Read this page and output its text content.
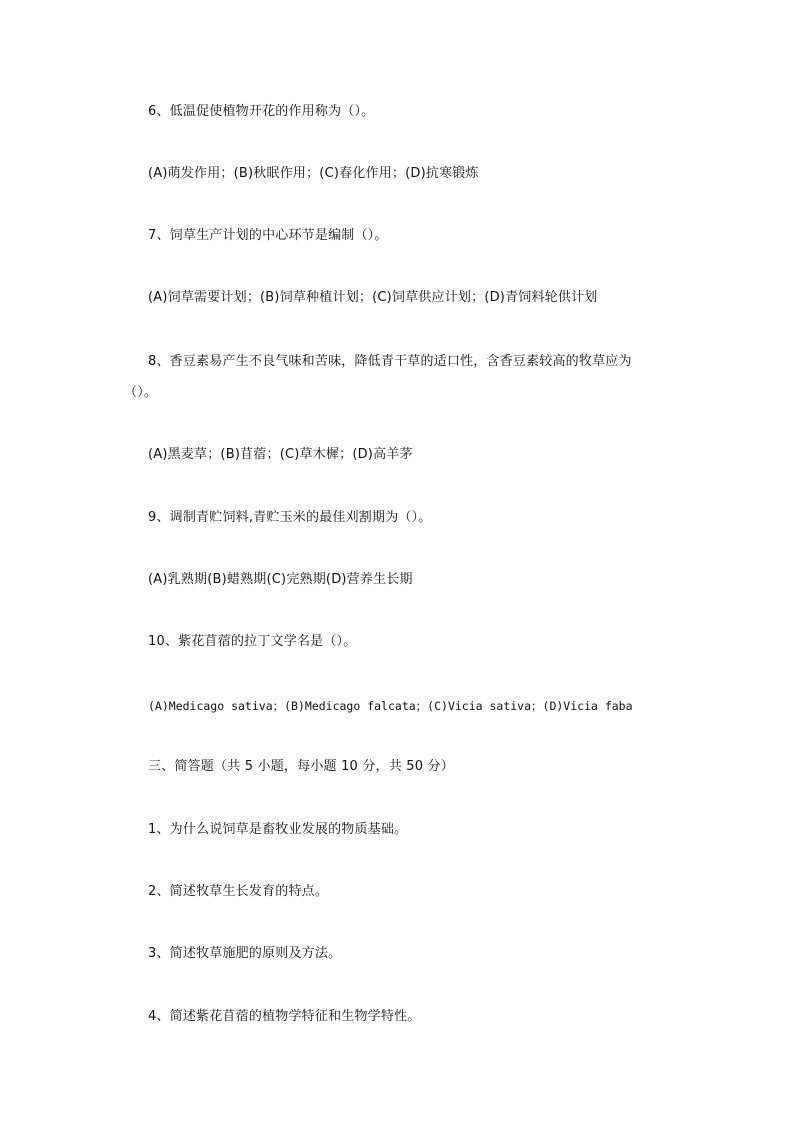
6、低温促使植物开花的作用称为（）。
(A)萌发作用；(B)秋眠作用；(C)春化作用；(D)抗寒锻炼
7、饲草生产计划的中心环节是编制（）。
(A)饲草需要计划；(B)饲草种植计划；(C)饲草供应计划；(D)青饲料轮供计划
8、香豆素易产生不良气味和苦味，降低青干草的适口性，含香豆素较高的牧草应为
（）。
(A)黑麦草；(B)苜蓿；(C)草木樨；(D)高羊茅
9、调制青贮饲料,青贮玉米的最佳刈割期为（）。
(A)乳熟期(B)蜡熟期(C)完熟期(D)营养生长期
10、紫花苜蓿的拉丁文学名是（）。
(A)Medicago sativa；(B)Medicago falcata；(C)Vicia sativa；(D)Vicia faba
三、简答题（共 5 小题，每小题 10 分，共 50 分）
1、为什么说饲草是畜牧业发展的物质基础。
2、简述牧草生长发育的特点。
3、简述牧草施肥的原则及方法。
4、简述紫花苜蓿的植物学特征和生物学特性。
